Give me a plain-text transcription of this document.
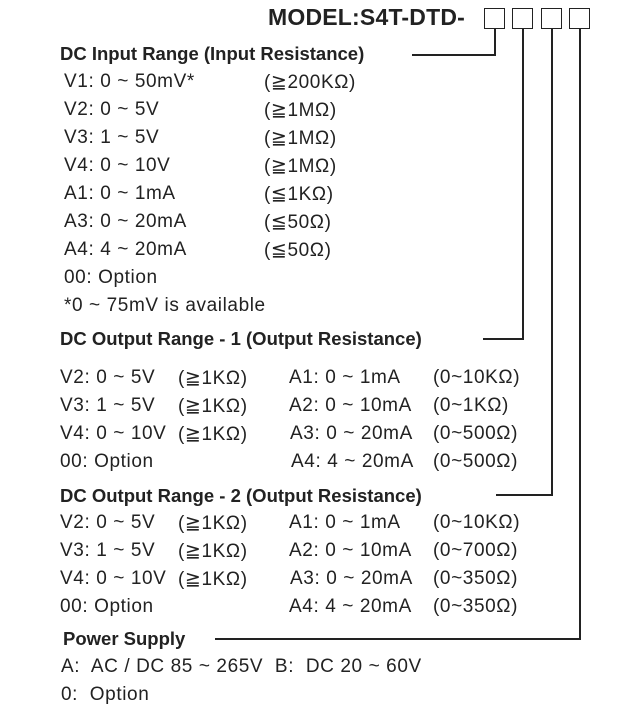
MODEL:S4T-DTD-
DC Input Range (Input Resistance)
V1: 0 ~ 50mV*	(≧200KΩ)
V2: 0 ~ 5V	(≧1MΩ)
V3: 1 ~ 5V	(≧1MΩ)
V4: 0 ~ 10V	(≧1MΩ)
A1: 0 ~ 1mA	(≦1KΩ)
A3: 0 ~ 20mA	(≦50Ω)
A4: 4 ~ 20mA	(≦50Ω)
00: Option
*0 ~ 75mV is available
DC Output Range - 1 (Output Resistance)
V2: 0 ~ 5V (≧1KΩ) A1: 0 ~ 1mA (0~10KΩ)
V3: 1 ~ 5V (≧1KΩ) A2: 0 ~ 10mA (0~1KΩ)
V4: 0 ~ 10V (≧1KΩ) A3: 0 ~ 20mA (0~500Ω)
00: Option	A4: 4 ~ 20mA (0~500Ω)
DC Output Range - 2 (Output Resistance)
V2: 0 ~ 5V (≧1KΩ) A1: 0 ~ 1mA (0~10KΩ)
V3: 1 ~ 5V (≧1KΩ) A2: 0 ~ 10mA (0~700Ω)
V4: 0 ~ 10V (≧1KΩ) A3: 0 ~ 20mA (0~350Ω)
00: Option	A4: 4 ~ 20mA (0~350Ω)
Power Supply
A:  AC / DC 85 ~ 265V  B:  DC 20 ~ 60V
0:  Option
